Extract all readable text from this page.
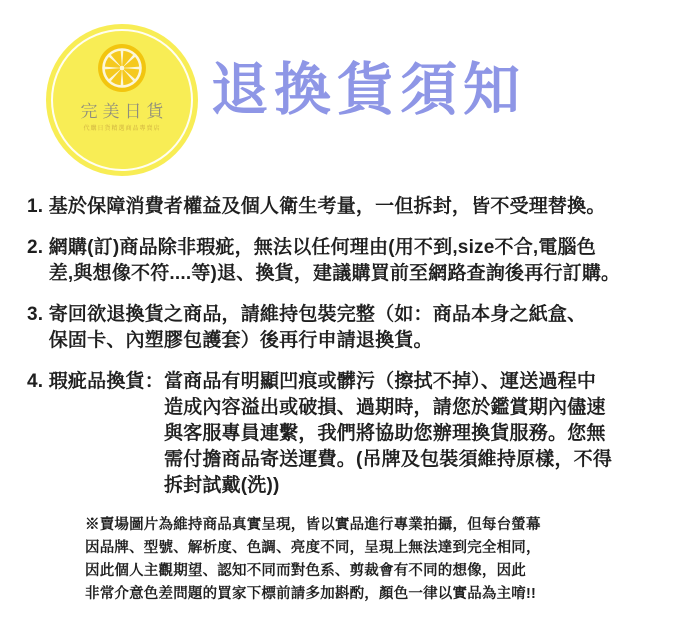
完美日貨
代購日貨精選商品專賣店
退換貨須知
1. 基於保障消費者權益及個人衛生考量，一但拆封，皆不受理替換。
2. 網購(訂)商品除非瑕疵，無法以任何理由(用不到,size不合,電腦色
差,與想像不符....等)退、換貨，建議購買前至網路查詢後再行訂購。
3. 寄回欲退換貨之商品，請維持包裝完整（如：商品本身之紙盒、
保固卡、內塑膠包護套）後再行申請退換貨。
4. 瑕疵品換貨： 當商品有明顯凹痕或髒污（擦拭不掉）、運送過程中
造成內容溢出或破損、過期時，請您於鑑賞期內儘速
與客服專員連繫，我們將協助您辦理換貨服務。您無
需付擔商品寄送運費。(吊牌及包裝須維持原樣，不得
拆封試戴(洗))
※賣場圖片為維持商品真實呈現，皆以實品進行專業拍攝，但每台螢幕
因品牌、型號、解析度、色調、亮度不同，呈現上無法達到完全相同，
因此個人主觀期望、認知不同而對色系、剪裁會有不同的想像，因此
非常介意色差問題的買家下標前請多加斟酌，顏色一律以實品為主唷!!
